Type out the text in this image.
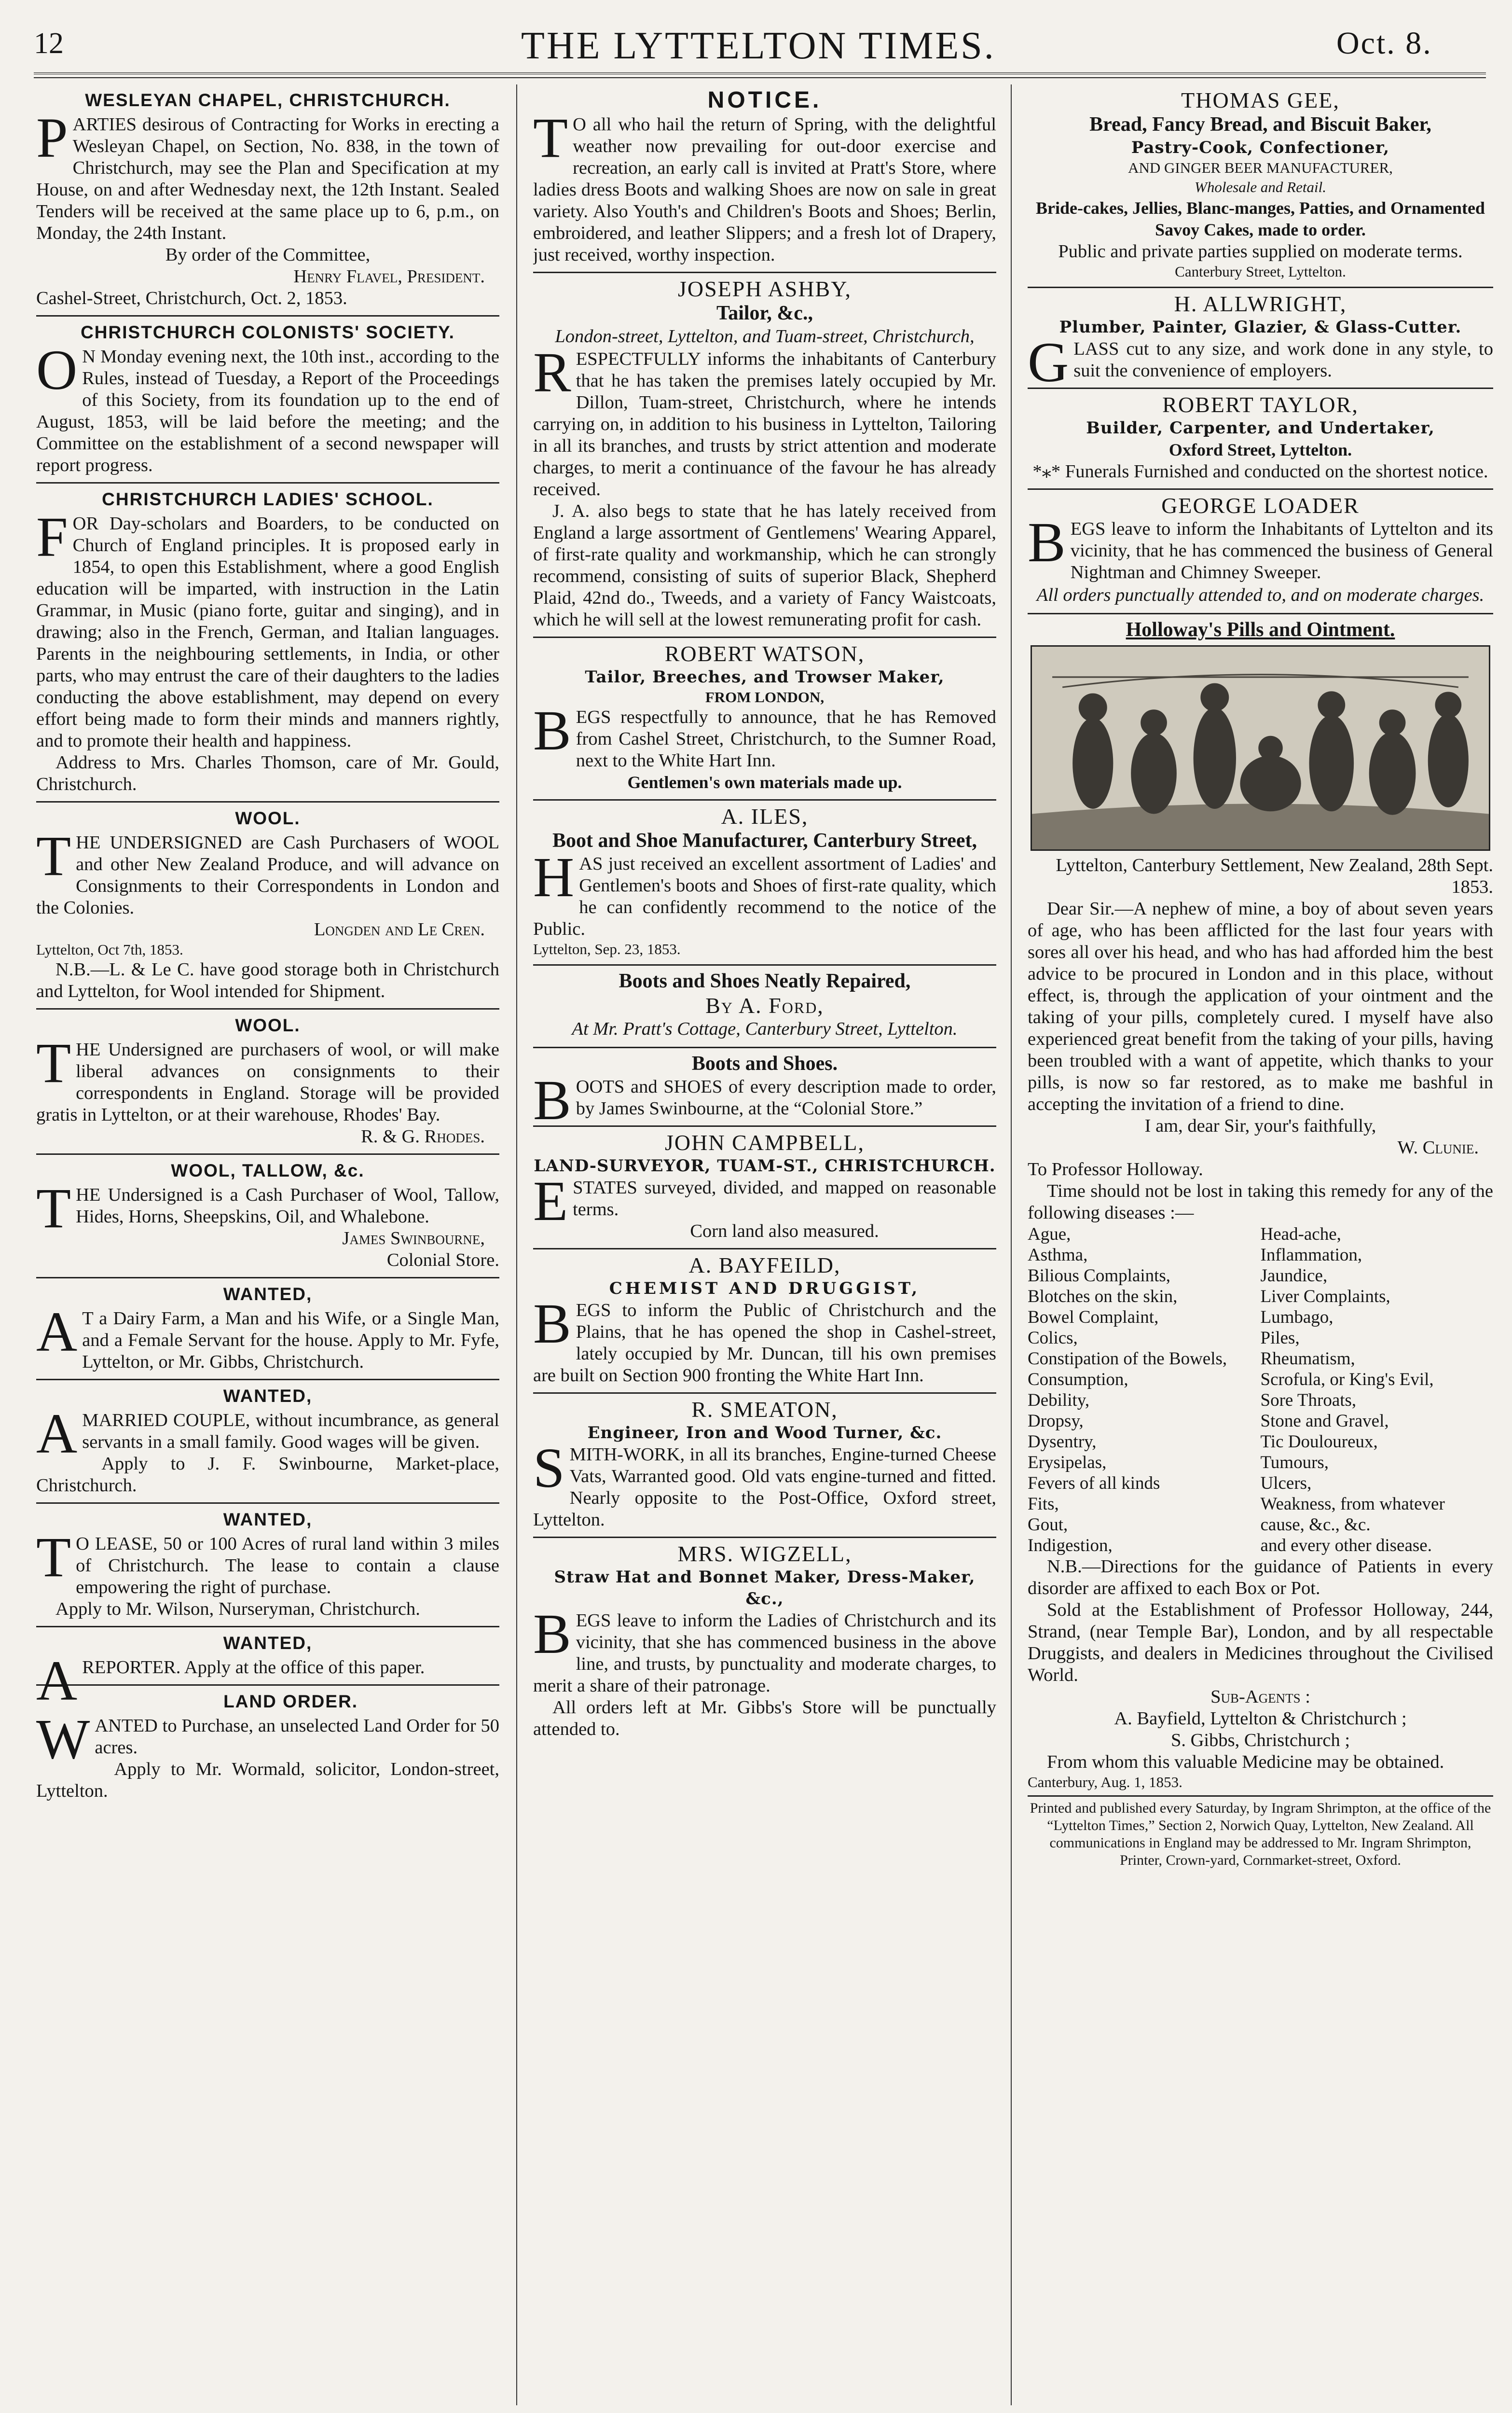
12	THE LYTTELTON TIMES.	Oct. 8.
WESLEYAN CHAPEL, CHRISTCHURCH.

PARTIES desirous of Contracting for Works in erecting a Wesleyan Chapel, on Section, No. 838, in the town of Christchurch, may see the Plan and Specification at my House, on and after Wednesday next, the 12th Instant. Sealed Tenders will be received at the same place up to 6, p.m., on Monday, the 24th Instant.

By order of the Committee,
Henry Flavel, President.
Cashel-Street, Christchurch, Oct. 2, 1853.
CHRISTCHURCH COLONISTS' SOCIETY.

O N Monday evening next, the 10th inst., according to the Rules, instead of Tuesday, a Report of the Proceedings of this Society, from its foundation up to the end of August, 1853, will be laid before the meeting; and the Committee on the establishment of a second newspaper will report progress.

CHRISTCHURCH LADIES' SCHOOL.

FOR Day-scholars and Boarders, to be conducted on Church of England principles. It is proposed early in 1854, to open this Establishment, where a good English education will be imparted, with instruction in the Latin Grammar, in Music (piano forte, guitar and singing), and in drawing; also in the French, German, and Italian languages. Parents in the neighbouring settlements, in India, or other parts, who may entrust the care of their daughters to the ladies conducting the above establishment, may depend on every effort being made to form their minds and manners rightly, and to promote their health and happiness.

Address to Mrs. Charles Thomson, care of Mr. Gould, Christchurch.

WOOL.

THE UNDERSIGNED are Cash Purchasers of WOOL and other New Zealand Produce, and will advance on Consignments to their Correspondents in London and the Colonies.

Longden and Le Cren.
Lyttelton, Oct 7th, 1853.

N.B.—L. & Le C. have good storage both in Christchurch and Lyttelton, for Wool intended for Shipment.

WOOL.

THE Undersigned are purchasers of wool, or will make liberal advances on consignments to their correspondents in England. Storage will be provided gratis in Lyttelton, or at their warehouse, Rhodes' Bay.

R. & G. Rhodes.
WOOL, TALLOW, &c.

THE Undersigned is a Cash Purchaser of Wool, Tallow, Hides, Horns, Sheepskins, Oil, and Whalebone.

James Swinbourne,
Colonial Store.
WANTED,

A T a Dairy Farm, a Man and his Wife, or a Single Man, and a Female Servant for the house. Apply to Mr. Fyfe, Lyttelton, or Mr. Gibbs, Christchurch.

WANTED,

AMARRIED COUPLE, without incumbrance, as general servants in a small family. Good wages will be given.

Apply to J. F. Swinbourne, Market-place, Christchurch.

WANTED,

T O LEASE, 50 or 100 Acres of rural land within 3 miles of Christchurch. The lease to contain a clause empowering the right of purchase.

Apply to Mr. Wilson, Nurseryman, Christchurch.

WANTED,

AREPORTER. Apply at the office of this paper.

LAND ORDER.

WANTED to Purchase, an unselected Land Order for 50 acres.

Apply to Mr. Wormald, solicitor, London-street, Lyttelton.

NOTICE.

T O all who hail the return of Spring, with the delightful weather now prevailing for out-door exercise and recreation, an early call is invited at Pratt's Store, where ladies dress Boots and walking Shoes are now on sale in great variety. Also Youth's and Children's Boots and Shoes; Berlin, embroidered, and leather Slippers; and a fresh lot of Drapery, just received, worthy inspection.

JOSEPH ASHBY,
Tailor, &c.,
London-street, Lyttelton, and Tuam-street, Christchurch,

RESPECTFULLY informs the inhabitants of Canterbury that he has taken the premises lately occupied by Mr. Dillon, Tuam-street, Christchurch, where he intends carrying on, in addition to his business in Lyttelton, Tailoring in all its branches, and trusts by strict attention and moderate charges, to merit a continuance of the favour he has already received.

J. A. also begs to state that he has lately received from England a large assortment of Gentlemens' Wearing Apparel, of first-rate quality and workmanship, which he can strongly recommend, consisting of suits of superior Black, Shepherd Plaid, 42nd do., Tweeds, and a variety of Fancy Waistcoats, which he will sell at the lowest remunerating profit for cash.

ROBERT WATSON,
Tailor, Breeches, and Trowser Maker,
FROM LONDON,

BEGS respectfully to announce, that he has Removed from Cashel Street, Christchurch, to the Sumner Road, next to the White Hart Inn.

Gentlemen's own materials made up.
A. ILES,
Boot and Shoe Manufacturer, Canterbury Street,

HAS just received an excellent assortment of Ladies' and Gentlemen's boots and Shoes of first-rate quality, which he can confidently recommend to the notice of the Public.

Lyttelton, Sep. 23, 1853.
Boots and Shoes Neatly Repaired,
By A. Ford,
At Mr. Pratt's Cottage, Canterbury Street, Lyttelton.
Boots and Shoes.

BOOTS and SHOES of every description made to order, by James Swinbourne, at the “Colonial Store.”

JOHN CAMPBELL,
LAND-SURVEYOR, TUAM-ST., CHRISTCHURCH.

ESTATES surveyed, divided, and mapped on reasonable terms.

Corn land also measured.
A. BAYFEILD,
CHEMIST AND DRUGGIST,

BEGS to inform the Public of Christchurch and the Plains, that he has opened the shop in Cashel-street, lately occupied by Mr. Duncan, till his own premises are built on Section 900 fronting the White Hart Inn.

R. SMEATON,
Engineer, Iron and Wood Turner, &c.

SMITH-WORK, in all its branches, Engine-turned Cheese Vats, Warranted good. Old vats engine-turned and fitted. Nearly opposite to the Post-Office, Oxford street, Lyttelton.

MRS. WIGZELL,
Straw Hat and Bonnet Maker, Dress-Maker, &c.,

BEGS leave to inform the Ladies of Christchurch and its vicinity, that she has commenced business in the above line, and trusts, by punctuality and moderate charges, to merit a share of their patronage.

All orders left at Mr. Gibbs's Store will be punctually attended to.

THOMAS GEE,
Bread, Fancy Bread, and Biscuit Baker,
Pastry-Cook, Confectioner,
AND GINGER BEER MANUFACTURER,
Wholesale and Retail.
Bride-cakes, Jellies, Blanc-manges, Patties, and Ornamented Savoy Cakes, made to order.
Public and private parties supplied on moderate terms.
Canterbury Street, Lyttelton.
H. ALLWRIGHT,
Plumber, Painter, Glazier, & Glass-Cutter.

GLASS cut to any size, and work done in any style, to suit the convenience of employers.

ROBERT TAYLOR,
Builder, Carpenter, and Undertaker,
Oxford Street, Lyttelton.
*⁎* Funerals Furnished and conducted on the shortest notice.
GEORGE LOADER

BEGS leave to inform the Inhabitants of Lyttelton and its vicinity, that he has commenced the business of General Nightman and Chimney Sweeper.

All orders punctually attended to, and on moderate charges.
Holloway's Pills and Ointment.
Lyttelton, Canterbury Settlement, New Zealand, 28th Sept. 1853.

Dear Sir.—A nephew of mine, a boy of about seven years of age, who has been afflicted for the last four years with sores all over his head, and who has had afforded him the best advice to be procured in London and in this place, without effect, is, through the application of your ointment and the taking of your pills, completely cured. I myself have also experienced great benefit from the taking of your pills, having been troubled with a want of appetite, which thanks to your pills, is now so far restored, as to make me bashful in accepting the invitation of a friend to dine.

I am, dear Sir, your's faithfully,
W. Clunie.
To Professor Holloway.

Time should not be lost in taking this remedy for any of the following diseases :—

Ague,
Asthma,
Bilious Complaints,
Blotches on the skin,
Bowel Complaint,
Colics,
Constipation of the Bowels,
Consumption,
Debility,
Dropsy,
Dysentry,
Erysipelas,
Fevers of all kinds
Fits,
Gout,
Indigestion,
Head-ache,
Inflammation,
Jaundice,
Liver Complaints,
Lumbago,
Piles,
Rheumatism,
Scrofula, or King's Evil,
Sore Throats,
Stone and Gravel,
Tic Douloureux,
Tumours,
Ulcers,
Weakness, from whatever cause, &c., &c.
and every other disease.

N.B.—Directions for the guidance of Patients in every disorder are affixed to each Box or Pot.

Sold at the Establishment of Professor Holloway, 244, Strand, (near Temple Bar), London, and by all respectable Druggists, and dealers in Medicines throughout the Civilised World.

Sub-Agents :
A. Bayfield, Lyttelton & Christchurch ;
S. Gibbs, Christchurch ;

From whom this valuable Medicine may be obtained.

Canterbury, Aug. 1, 1853.
Printed and published every Saturday, by Ingram Shrimpton, at the office of the “Lyttelton Times,” Section 2, Norwich Quay, Lyttelton, New Zealand. All communications in England may be addressed to Mr. Ingram Shrimpton, Printer, Crown-yard, Cornmarket-street, Oxford.
